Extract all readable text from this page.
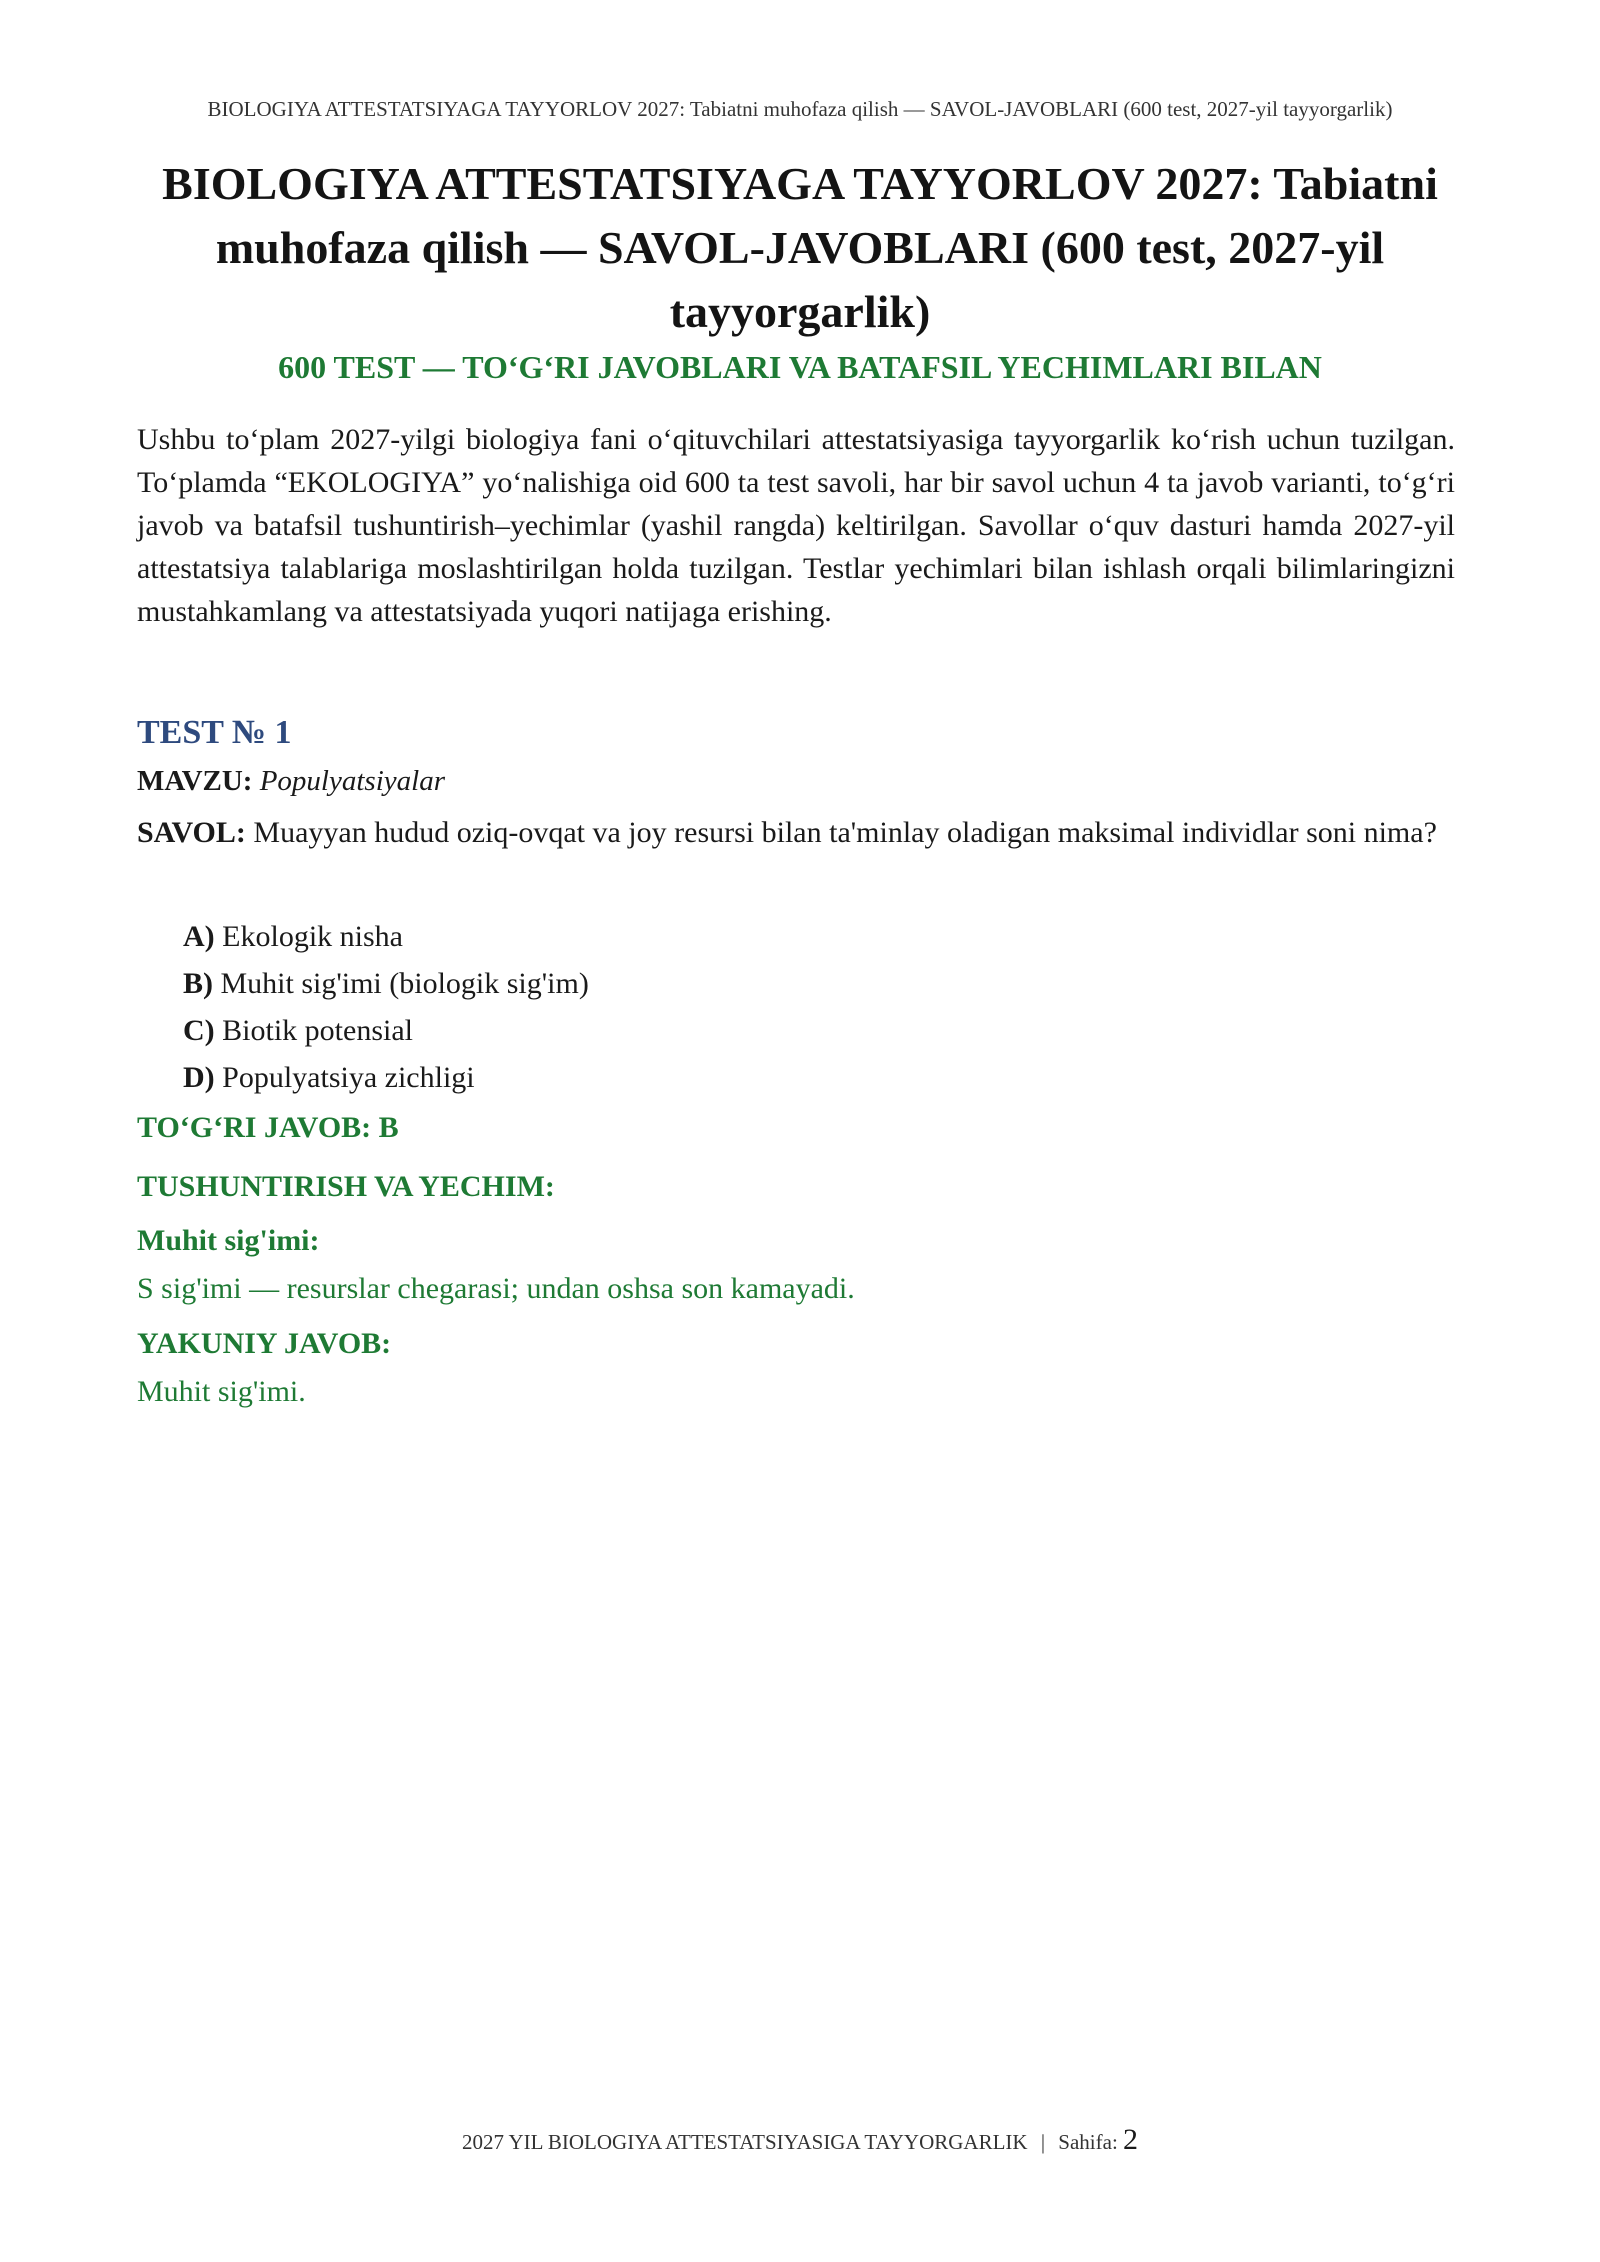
BIOLOGIYA ATTESTATSIYAGA TAYYORLOV 2027: Tabiatni muhofaza qilish — SAVOL-JAVOBLARI (600 test, 2027-yil tayyorgarlik)
BIOLOGIYA ATTESTATSIYAGA TAYYORLOV 2027: Tabiatni muhofaza qilish — SAVOL-JAVOBLARI (600 test, 2027-yil tayyorgarlik)
600 TEST — TO‘G‘RI JAVOBLARI VA BATAFSIL YECHIMLARI BILAN

Ushbu to‘plam 2027-yilgi biologiya fani o‘qituvchilari attestatsiyasiga tayyorgarlik ko‘rish uchun tuzilgan. To‘plamda “EKOLOGIYA” yo‘nalishiga oid 600 ta test savoli, har bir savol uchun 4 ta javob varianti, to‘g‘ri javob va batafsil tushuntirish–yechimlar (yashil rangda) keltirilgan. Savollar o‘quv dasturi hamda 2027-yil attestatsiya talablariga moslashtirilgan holda tuzilgan. Testlar yechimlari bilan ishlash orqali bilimlaringizni mustahkamlang va attestatsiyada yuqori natijaga erishing.

TEST № 1

MAVZU: Populyatsiyalar

SAVOL: Muayyan hudud oziq-ovqat va joy resursi bilan ta'minlay oladigan maksimal individlar soni nima?

A) Ekologik nisha
B) Muhit sig'imi (biologik sig'im)
C) Biotik potensial
D) Populyatsiya zichligi

TO‘G‘RI JAVOB: B

TUSHUNTIRISH VA YECHIM:

Muhit sig'imi:

S sig'imi — resurslar chegarasi; undan oshsa son kamayadi.

YAKUNIY JAVOB:

Muhit sig'imi.

2027 YIL BIOLOGIYA ATTESTATSIYASIGA TAYYORGARLIK | Sahifa: 2
